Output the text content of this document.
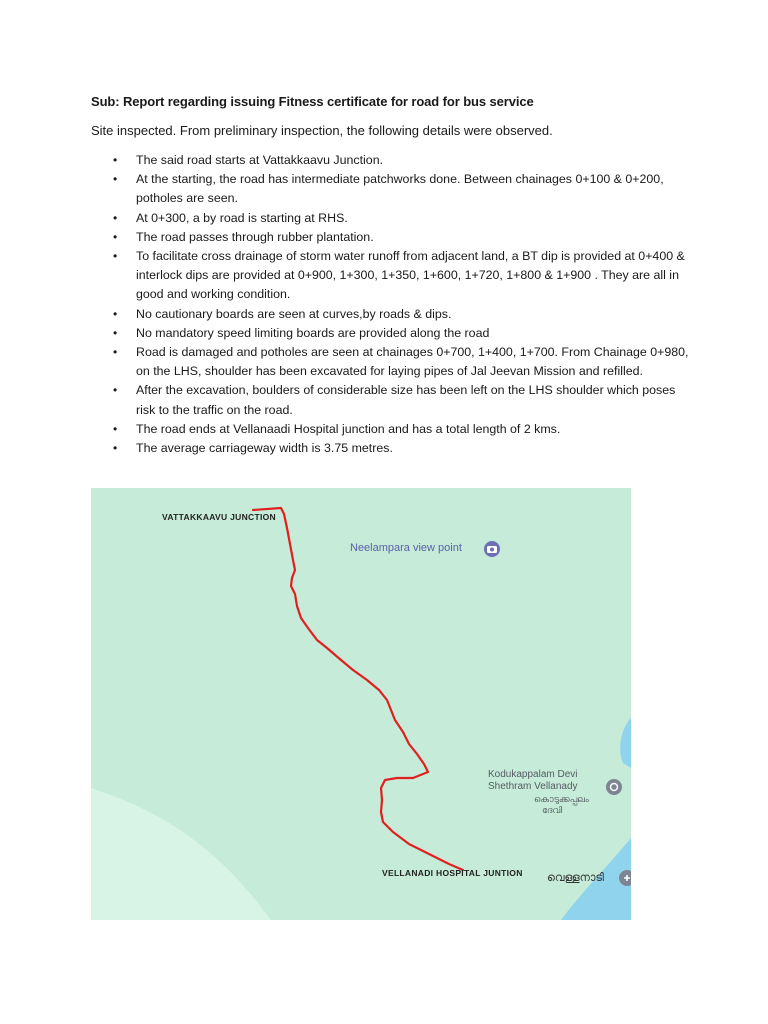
Sub: Report regarding issuing Fitness certificate for road for bus service
Site inspected. From preliminary inspection, the following details were observed.
• The said road starts at Vattakkaavu Junction.
• At the starting, the road has intermediate patchworks done. Between chainages 0+100 & 0+200, potholes are seen.
• At 0+300, a by road is starting at RHS.
• The road passes through rubber plantation.
• To facilitate cross drainage of storm water runoff from adjacent land, a BT dip is provided at 0+400 & interlock dips are provided at 0+900, 1+300, 1+350, 1+600, 1+720, 1+800 & 1+900 . They are all in good and working condition.
• No cautionary boards are seen at curves,by roads & dips.
• No mandatory speed limiting boards are provided along the road
• Road is damaged and potholes are seen at chainages 0+700, 1+400, 1+700. From Chainage 0+980, on the LHS, shoulder has been excavated for laying pipes of Jal Jeevan Mission and refilled.
• After the excavation, boulders of considerable size has been left on the LHS shoulder which poses risk to the traffic on the road.
• The road ends at Vellanaadi Hospital junction and has a total length of 2 kms.
• The average carriageway width is 3.75 metres.
VATTAKKAAVU JUNCTION
Neelampara view point
Kodukappalam Devi
Shethram Vellanady
കൊടുക്കപ്പലം
ദേവി
VELLANADI HOSPITAL JUNTION വെള്ളനാടി
